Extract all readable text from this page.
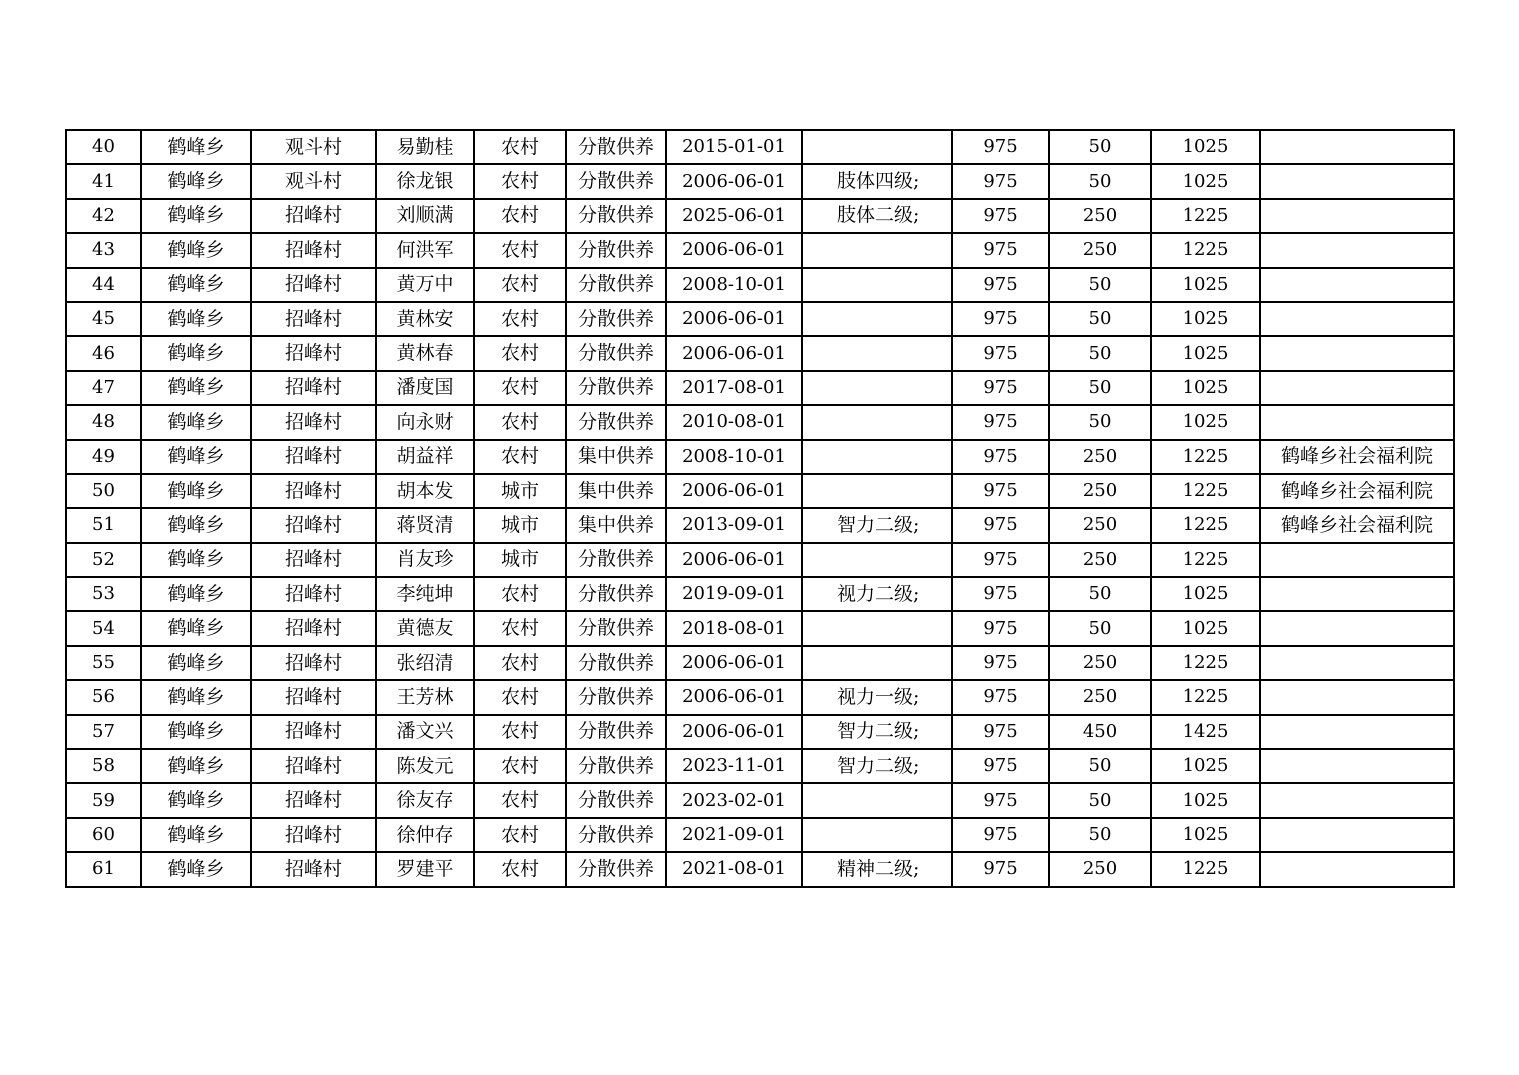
40	鹤峰乡	观斗村	易勤桂	农村	分散供养	2015-01-01		975	50	1025	
41	鹤峰乡	观斗村	徐龙银	农村	分散供养	2006-06-01	肢体四级;	975	50	1025	
42	鹤峰乡	招峰村	刘顺满	农村	分散供养	2025-06-01	肢体二级;	975	250	1225	
43	鹤峰乡	招峰村	何洪军	农村	分散供养	2006-06-01		975	250	1225	
44	鹤峰乡	招峰村	黄万中	农村	分散供养	2008-10-01		975	50	1025	
45	鹤峰乡	招峰村	黄林安	农村	分散供养	2006-06-01		975	50	1025	
46	鹤峰乡	招峰村	黄林春	农村	分散供养	2006-06-01		975	50	1025	
47	鹤峰乡	招峰村	潘度国	农村	分散供养	2017-08-01		975	50	1025	
48	鹤峰乡	招峰村	向永财	农村	分散供养	2010-08-01		975	50	1025	
49	鹤峰乡	招峰村	胡益祥	农村	集中供养	2008-10-01		975	250	1225	鹤峰乡社会福利院
50	鹤峰乡	招峰村	胡本发	城市	集中供养	2006-06-01		975	250	1225	鹤峰乡社会福利院
51	鹤峰乡	招峰村	蒋贤清	城市	集中供养	2013-09-01	智力二级;	975	250	1225	鹤峰乡社会福利院
52	鹤峰乡	招峰村	肖友珍	城市	分散供养	2006-06-01		975	250	1225	
53	鹤峰乡	招峰村	李纯坤	农村	分散供养	2019-09-01	视力二级;	975	50	1025	
54	鹤峰乡	招峰村	黄德友	农村	分散供养	2018-08-01		975	50	1025	
55	鹤峰乡	招峰村	张绍清	农村	分散供养	2006-06-01		975	250	1225	
56	鹤峰乡	招峰村	王芳林	农村	分散供养	2006-06-01	视力一级;	975	250	1225	
57	鹤峰乡	招峰村	潘文兴	农村	分散供养	2006-06-01	智力二级;	975	450	1425	
58	鹤峰乡	招峰村	陈发元	农村	分散供养	2023-11-01	智力二级;	975	50	1025	
59	鹤峰乡	招峰村	徐友存	农村	分散供养	2023-02-01		975	50	1025	
60	鹤峰乡	招峰村	徐仲存	农村	分散供养	2021-09-01		975	50	1025	
61	鹤峰乡	招峰村	罗建平	农村	分散供养	2021-08-01	精神二级;	975	250	1225	
